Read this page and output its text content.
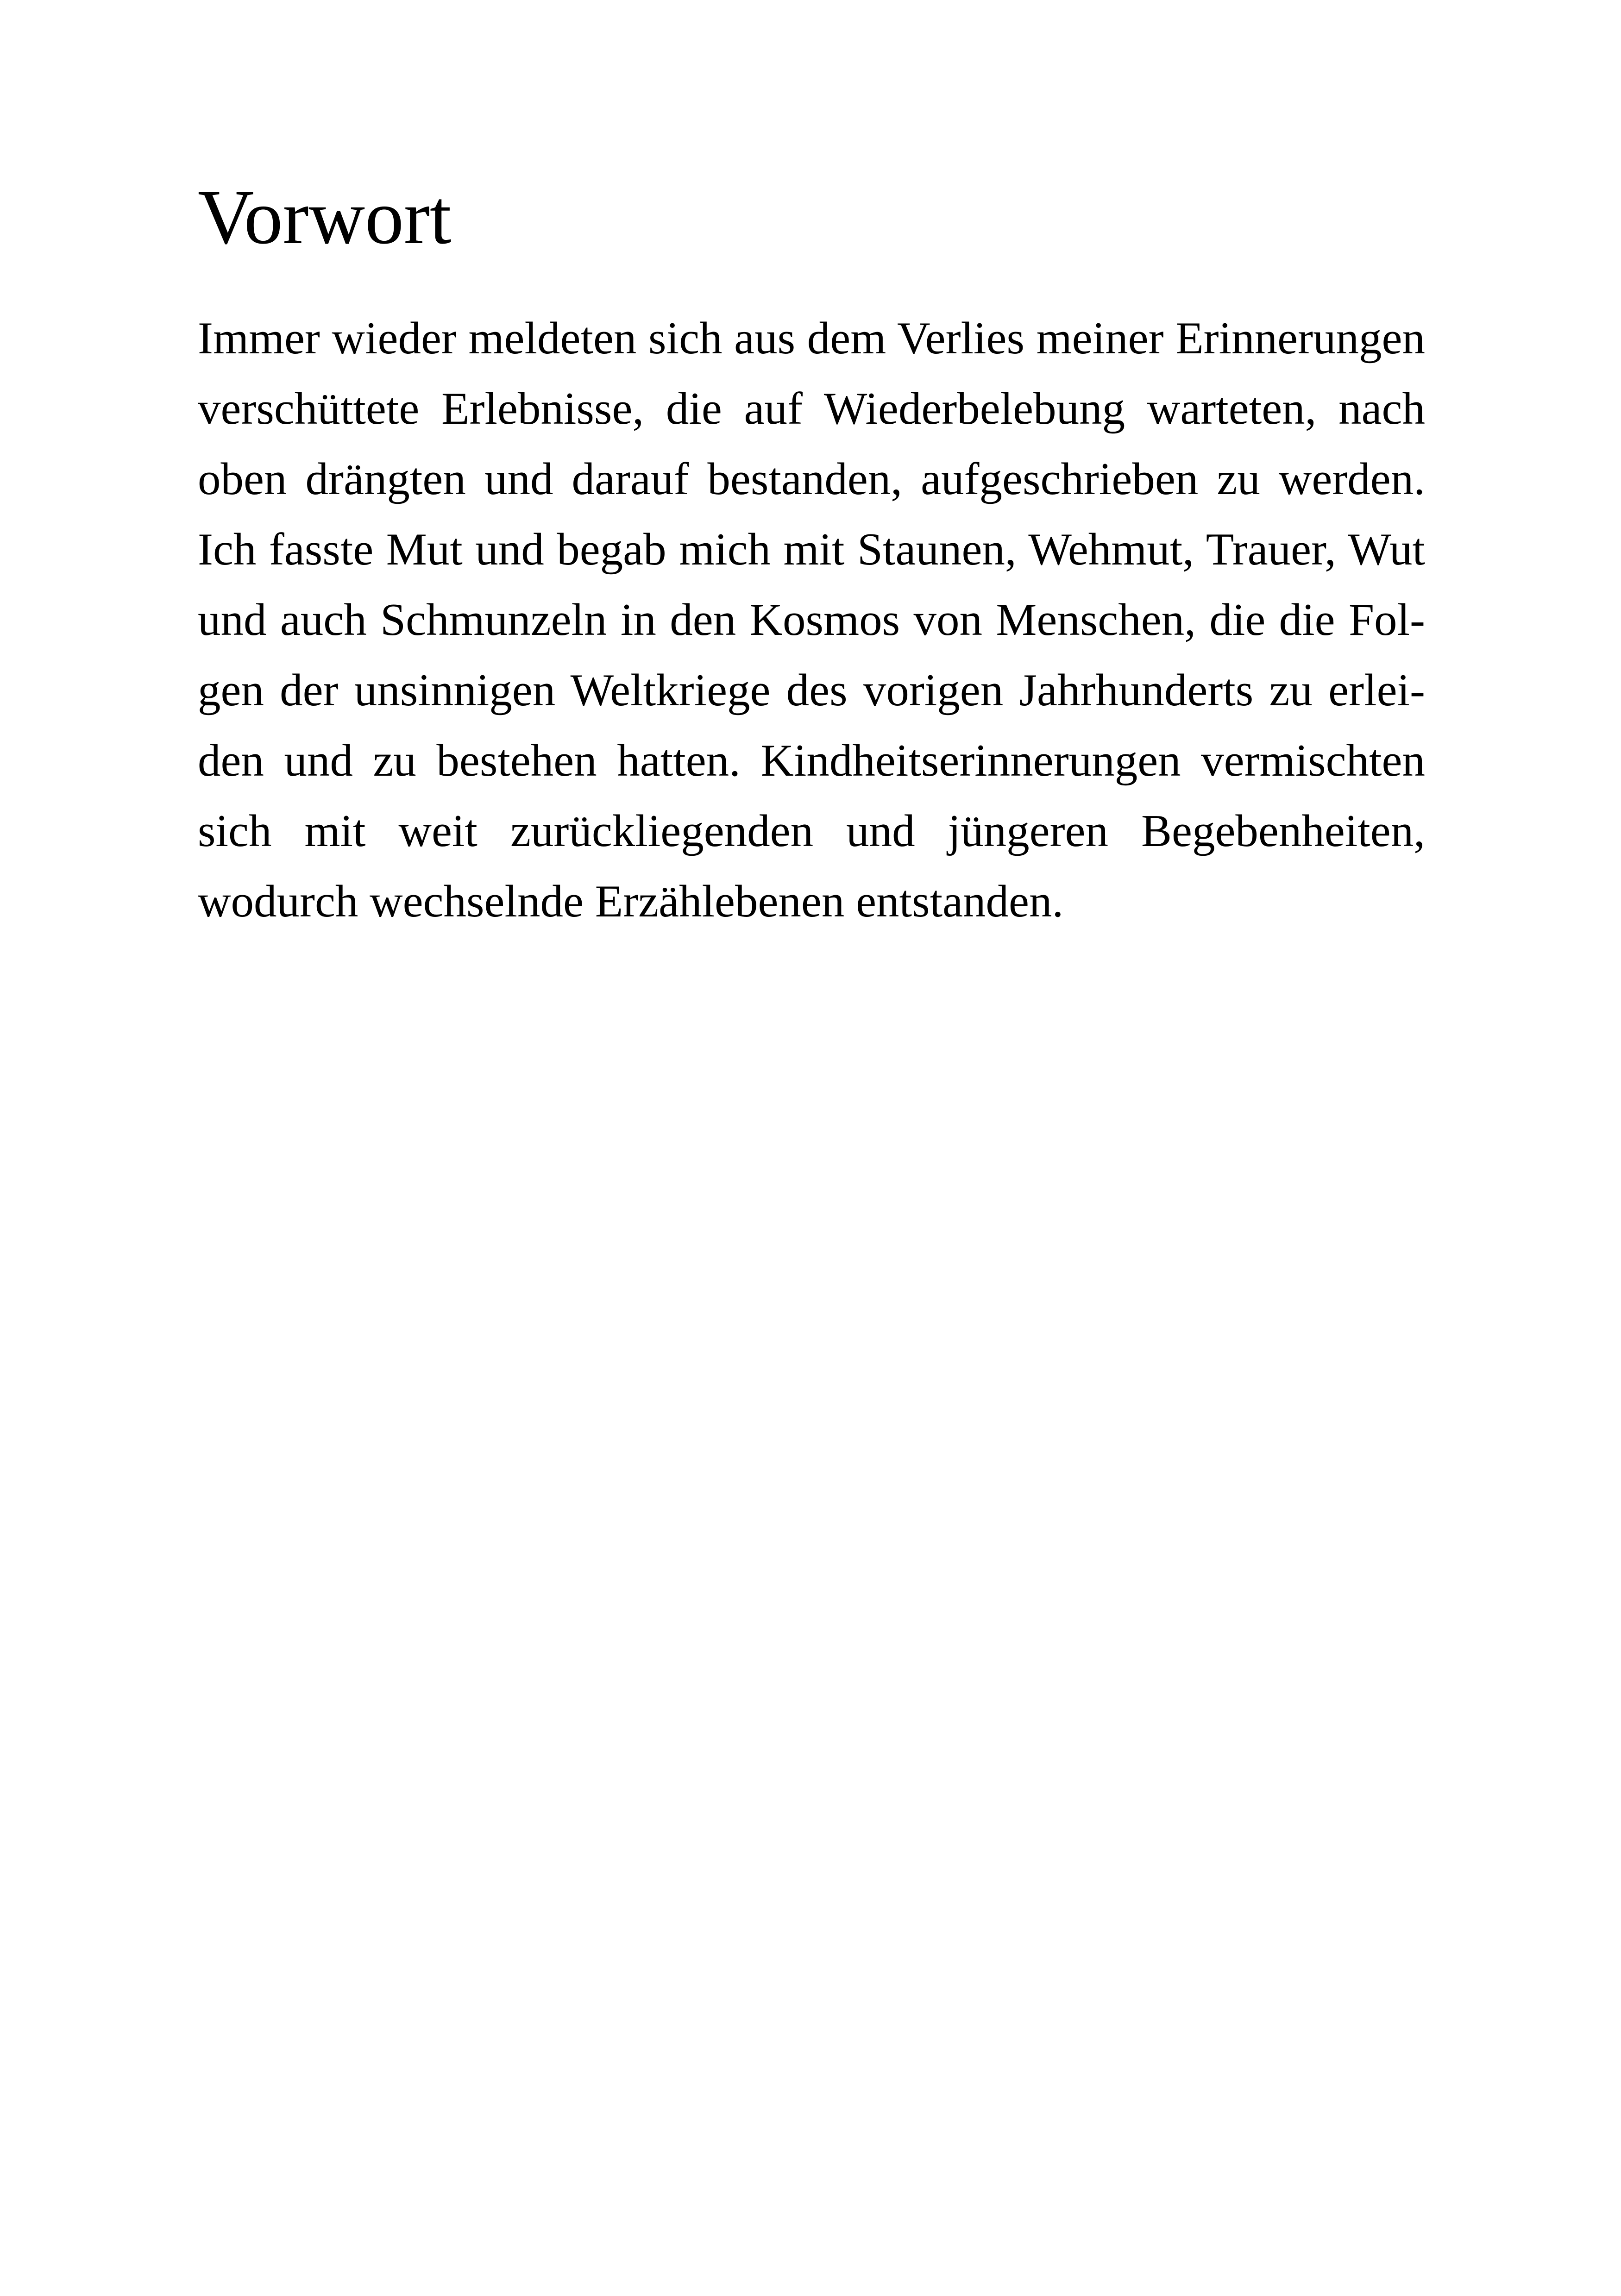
Vorwort
Immer wieder meldeten sich aus dem Verlies meiner Erinnerungen
verschüttete Erlebnisse, die auf Wiederbelebung warteten, nach
oben drängten und darauf bestanden, aufgeschrieben zu werden.
Ich fasste Mut und begab mich mit Staunen, Wehmut, Trauer, Wut
und auch Schmunzeln in den Kosmos von Menschen, die die Fol-
gen der unsinnigen Weltkriege des vorigen Jahrhunderts zu erlei-
den und zu bestehen hatten. Kindheitserinnerungen vermischten
sich mit weit zurückliegenden und jüngeren Begebenheiten,
wodurch wechselnde Erzählebenen entstanden.
